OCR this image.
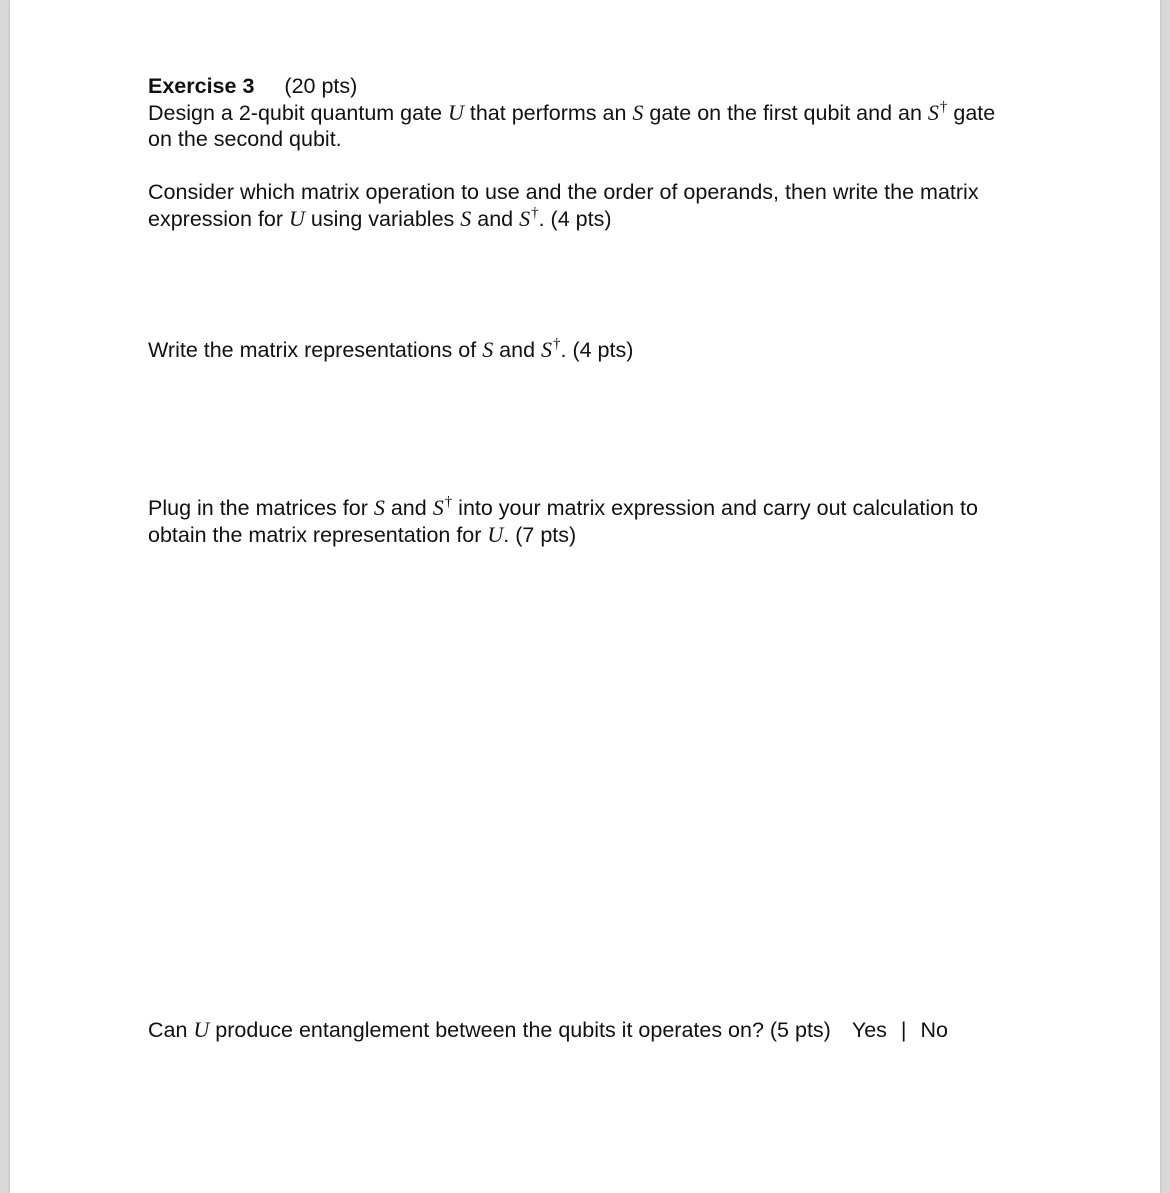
Exercise 3 (20 pts)
Design a 2-qubit quantum gate U that performs an S gate on the first qubit and an S† gate
on the second qubit.
Consider which matrix operation to use and the order of operands, then write the matrix
expression for U using variables S and S†. (4 pts)
Write the matrix representations of S and S†. (4 pts)
Plug in the matrices for S and S† into your matrix expression and carry out calculation to
obtain the matrix representation for U. (7 pts)
Can U produce entanglement between the qubits it operates on? (5 pts) Yes | No
